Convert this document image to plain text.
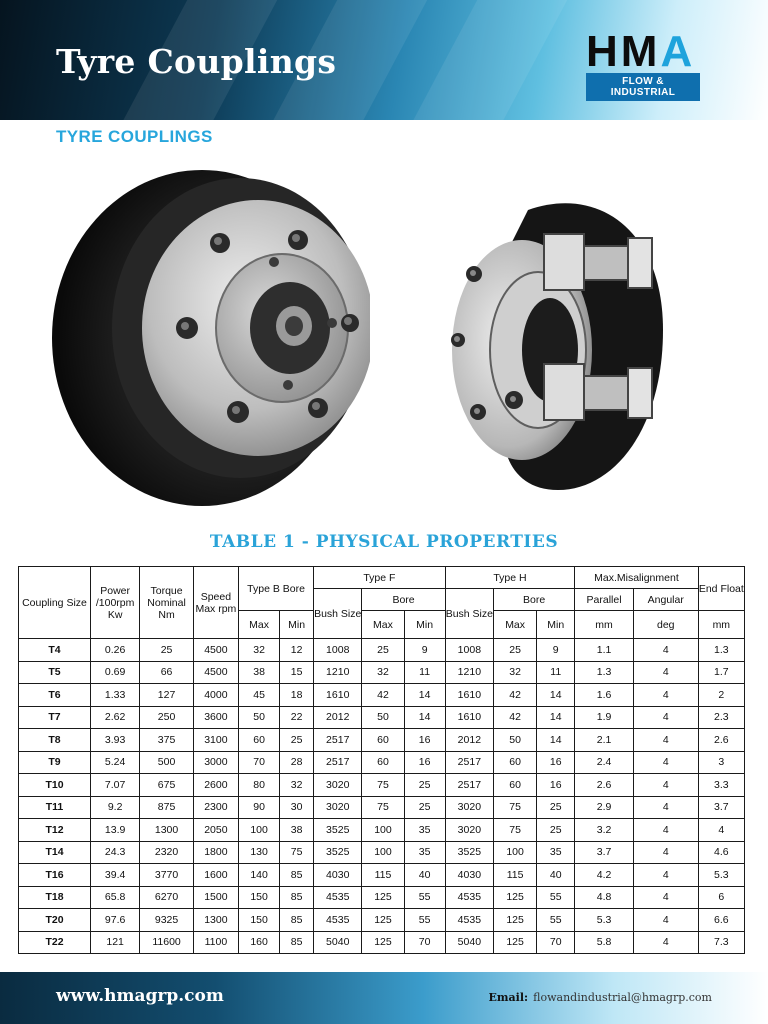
Tyre Couplings	HMA
FLOW & INDUSTRIAL
TYRE COUPLINGS
TABLE 1 - PHYSICAL PROPERTIES
Coupling Size	Power /100rpm Kw	Torque Nominal Nm	Speed Max rpm	Type B Bore		Type F			Type H			Max.Misalignment		End Float
						Bush Size	Bore		Bush Size	Bore		Parallel	Angular	
				Max	Min		Max	Min		Max	Min	mm	deg	mm
T4	0.26	25	4500	32	12	1008	25	9	1008	25	9	1.1	4	1.3
T5	0.69	66	4500	38	15	1210	32	11	1210	32	11	1.3	4	1.7
T6	1.33	127	4000	45	18	1610	42	14	1610	42	14	1.6	4	2
T7	2.62	250	3600	50	22	2012	50	14	1610	42	14	1.9	4	2.3
T8	3.93	375	3100	60	25	2517	60	16	2012	50	14	2.1	4	2.6
T9	5.24	500	3000	70	28	2517	60	16	2517	60	16	2.4	4	3
T10	7.07	675	2600	80	32	3020	75	25	2517	60	16	2.6	4	3.3
T11	9.2	875	2300	90	30	3020	75	25	3020	75	25	2.9	4	3.7
T12	13.9	1300	2050	100	38	3525	100	35	3020	75	25	3.2	4	4
T14	24.3	2320	1800	130	75	3525	100	35	3525	100	35	3.7	4	4.6
T16	39.4	3770	1600	140	85	4030	115	40	4030	115	40	4.2	4	5.3
T18	65.8	6270	1500	150	85	4535	125	55	4535	125	55	4.8	4	6
T20	97.6	9325	1300	150	85	4535	125	55	4535	125	55	5.3	4	6.6
T22	121	11600	1100	160	85	5040	125	70	5040	125	70	5.8	4	7.3
www.hmagrp.com	Email: flowandindustrial@hmagrp.com
